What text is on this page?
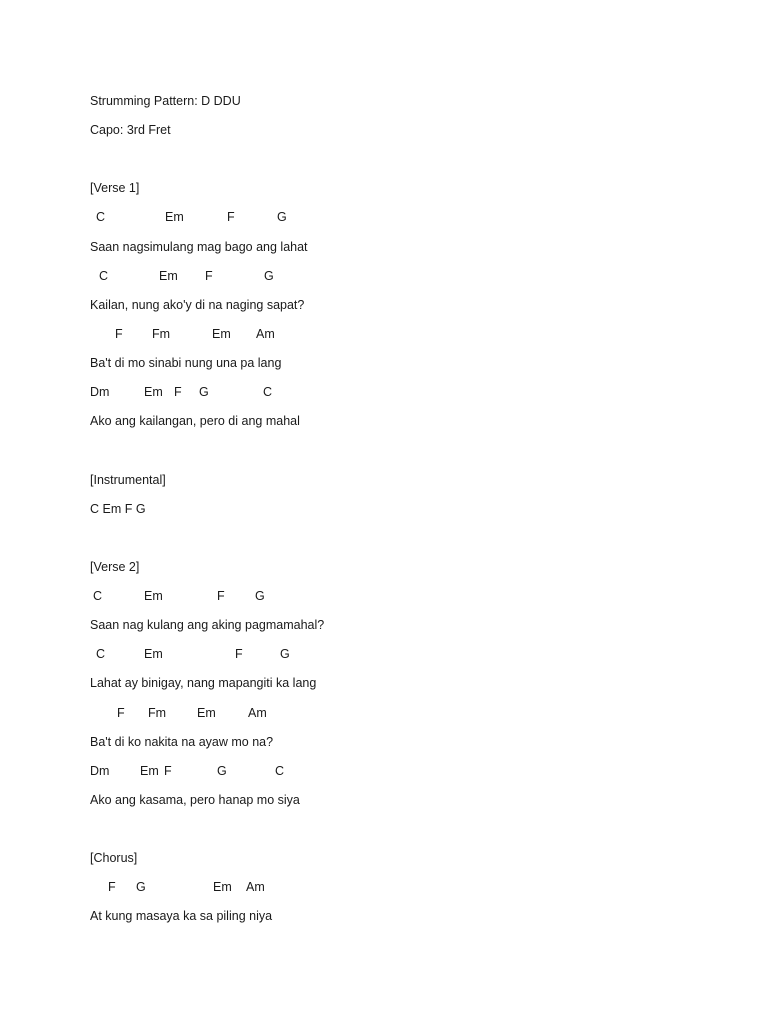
Strumming Pattern: D DDU
Capo: 3rd Fret
[Verse 1]
C	Em	F	G
Saan nagsimulang mag bago ang lahat
C	Em F	G
Kailan, nung ako'y di na naging sapat?
F Fm	Em Am
Ba't di mo sinabi nung una pa lang
Dm	Em F G	C
Ako ang kailangan, pero di ang mahal
[Instrumental]
C Em F G
[Verse 2]
C	Em	F G
Saan nag kulang ang aking pagmamahal?
C	Em	F	G
Lahat ay binigay, nang mapangiti ka lang
F Fm Em	Am
Ba't di ko nakita na ayaw mo na?
Dm Em F	G	C
Ako ang kasama, pero hanap mo siya
[Chorus]
F G	Em Am
At kung masaya ka sa piling niya
